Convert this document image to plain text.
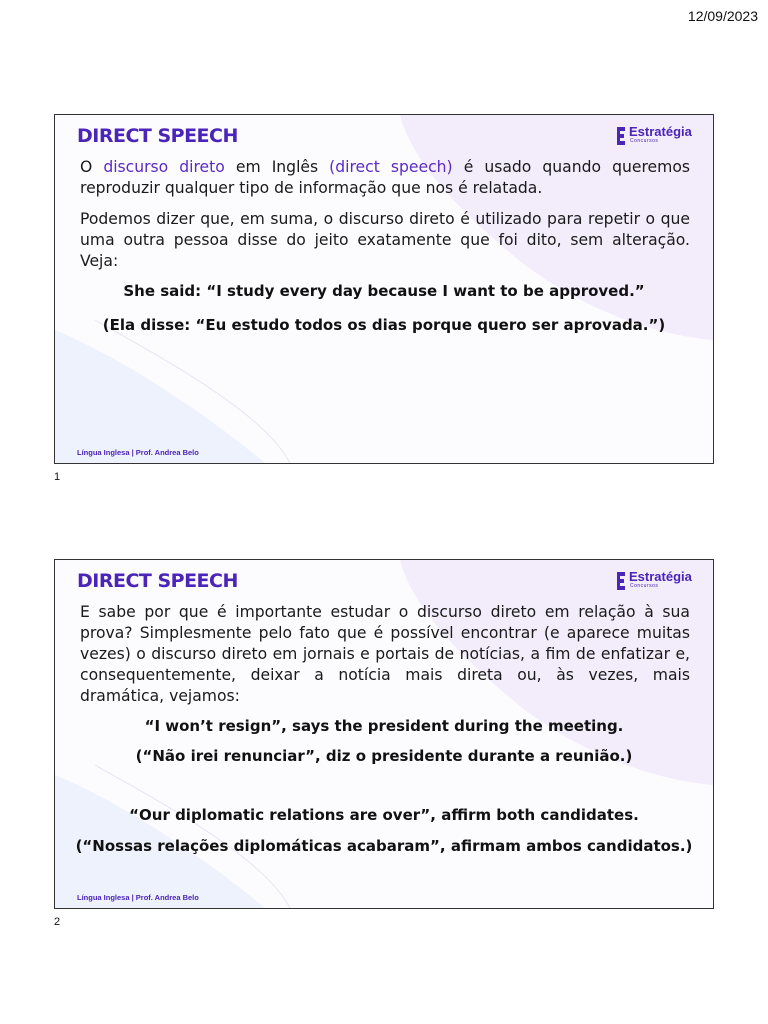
12/09/2023
DIRECT SPEECH	Estratégia
Concursos
O discurso direto em Inglês (direct speech) é usado quando queremos reproduzir qualquer tipo de informação que nos é relatada.
Podemos dizer que, em suma, o discurso direto é utilizado para repetir o que uma outra pessoa disse do jeito exatamente que foi dito, sem alteração. Veja:
She said: “I study every day because I want to be approved.”
(Ela disse: “Eu estudo todos os dias porque quero ser aprovada.”)
Língua Inglesa | Prof. Andrea Belo
1
DIRECT SPEECH	Estratégia
Concursos
E sabe por que é importante estudar o discurso direto em relação à sua prova? Simplesmente pelo fato que é possível encontrar (e aparece muitas vezes) o discurso direto em jornais e portais de notícias, a fim de enfatizar e, consequentemente, deixar a notícia mais direta ou, às vezes, mais dramática, vejamos:
“I won’t resign”, says the president during the meeting.
(“Não irei renunciar”, diz o presidente durante a reunião.)
“Our diplomatic relations are over”, affirm both candidates.
(“Nossas relações diplomáticas acabaram”, afirmam ambos candidatos.)
Língua Inglesa | Prof. Andrea Belo
2
